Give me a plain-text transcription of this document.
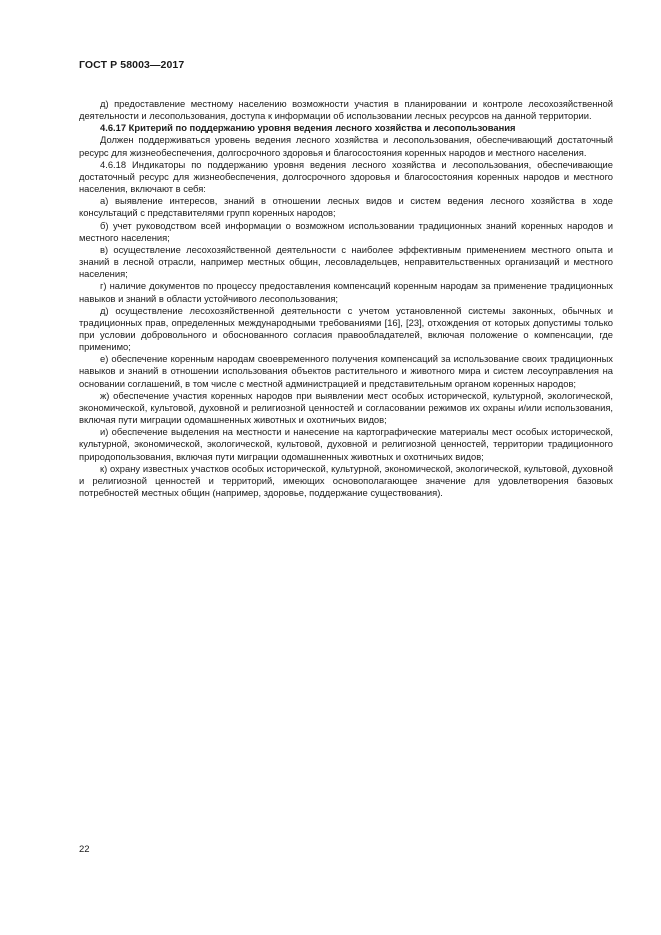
ГОСТ Р 58003—2017

д) предоставление местному населению возможности участия в планировании и контроле лесохозяйственной деятельности и лесопользования, доступа к информации об использовании лесных ресурсов на данной территории.

4.6.17 Критерий по поддержанию уровня ведения лесного хозяйства и лесопользования

Должен поддерживаться уровень ведения лесного хозяйства и лесопользования, обеспечивающий достаточный ресурс для жизнеобеспечения, долгосрочного здоровья и благосостояния коренных народов и местного населения.

4.6.18 Индикаторы по поддержанию уровня ведения лесного хозяйства и лесопользования, обеспечивающие достаточный ресурс для жизнеобеспечения, долгосрочного здоровья и благосостояния коренных народов и местного населения, включают в себя:

а) выявление интересов, знаний в отношении лесных видов и систем ведения лесного хозяйства в ходе консультаций с представителями групп коренных народов;

б) учет руководством всей информации о возможном использовании традиционных знаний коренных народов и местного населения;

в) осуществление лесохозяйственной деятельности с наиболее эффективным применением местного опыта и знаний в лесной отрасли, например местных общин, лесовладельцев, неправительственных организаций и местного населения;

г) наличие документов по процессу предоставления компенсаций коренным народам за применение традиционных навыков и знаний в области устойчивого лесопользования;

д) осуществление лесохозяйственной деятельности с учетом установленной системы законных, обычных и традиционных прав, определенных международными требованиями [16], [23], отхождения от которых допустимы только при условии добровольного и обоснованного согласия правообладателей, включая положение о компенсации, где применимо;

е) обеспечение коренным народам своевременного получения компенсаций за использование своих традиционных навыков и знаний в отношении использования объектов растительного и животного мира и систем лесоуправления на основании соглашений, в том числе с местной администрацией и представительным органом коренных народов;

ж) обеспечение участия коренных народов при выявлении мест особых исторической, культурной, экологической, экономической, культовой, духовной и религиозной ценностей и согласовании режимов их охраны и/или использования, включая пути миграции одомашненных животных и охотничьих видов;

и) обеспечение выделения на местности и нанесение на картографические материалы мест особых исторической, культурной, экономической, экологической, культовой, духовной и религиозной ценностей, территории традиционного природопользования, включая пути миграции одомашненных животных и охотничьих видов;

к) охрану известных участков особых исторической, культурной, экономической, экологической, культовой, духовной и религиозной ценностей и территорий, имеющих основополагающее значение для удовлетворения базовых потребностей местных общин (например, здоровье, поддержание существования).

22
